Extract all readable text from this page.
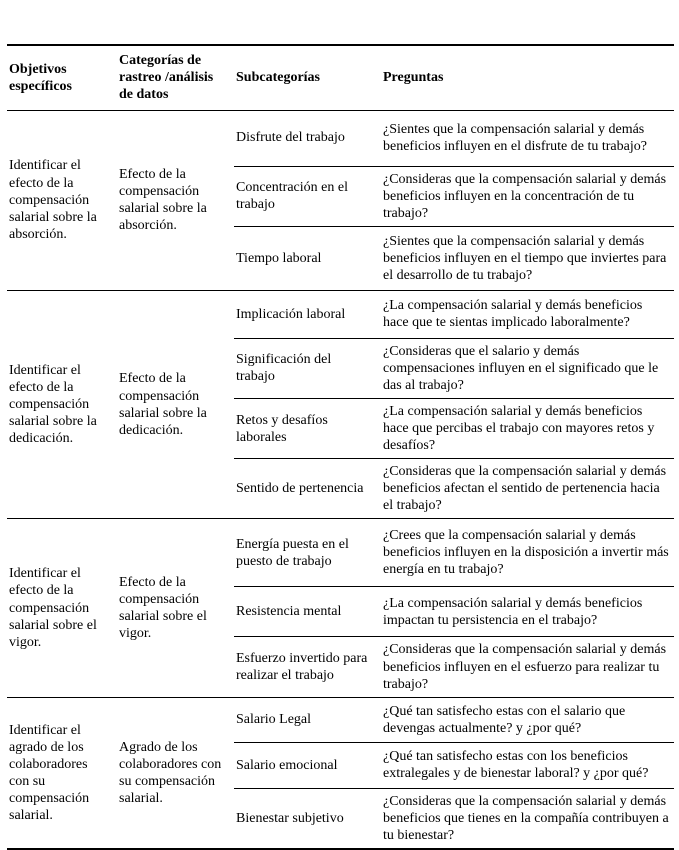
Objetivos específicos	Categorías de rastreo /análisis de datos	Subcategorías	Preguntas
Identificar el efecto de la compensación salarial sobre la absorción.	Efecto de la compensación salarial sobre la absorción.	Disfrute del trabajo	¿Sientes que la compensación salarial y demás beneficios influyen en el disfrute de tu trabajo?
		Concentración en el trabajo	¿Consideras que la compensación salarial y demás beneficios influyen en la concentración de tu trabajo?
		Tiempo laboral	¿Sientes que la compensación salarial y demás beneficios influyen en el tiempo que inviertes para el desarrollo de tu trabajo?
Identificar el efecto de la compensación salarial sobre la dedicación.	Efecto de la compensación salarial sobre la dedicación.	Implicación laboral	¿La compensación salarial y demás beneficios hace que te sientas implicado laboralmente?
		Significación del trabajo	¿Consideras que el salario y demás compensaciones influyen en el significado que le das al trabajo?
		Retos y desafíos laborales	¿La compensación salarial y demás beneficios hace que percibas el trabajo con mayores retos y desafíos?
		Sentido de pertenencia	¿Consideras que la compensación salarial y demás beneficios afectan el sentido de pertenencia hacia el trabajo?
Identificar el efecto de la compensación salarial sobre el vigor.	Efecto de la compensación salarial sobre el vigor.	Energía puesta en el puesto de trabajo	¿Crees que la compensación salarial y demás beneficios influyen en la disposición a invertir más energía en tu trabajo?
		Resistencia mental	¿La compensación salarial y demás beneficios impactan tu persistencia en el trabajo?
		Esfuerzo invertido para realizar el trabajo	¿Consideras que la compensación salarial y demás beneficios influyen en el esfuerzo para realizar tu trabajo?
Identificar el agrado de los colaboradores con su compensación salarial.	Agrado de los colaboradores con su compensación salarial.	Salario Legal	¿Qué tan satisfecho estas con el salario que devengas actualmente? y ¿por qué?
		Salario emocional	¿Qué tan satisfecho estas con los beneficios extralegales y de bienestar laboral? y ¿por qué?
		Bienestar subjetivo	¿Consideras que la compensación salarial y demás beneficios que tienes en la compañía contribuyen a tu bienestar?
